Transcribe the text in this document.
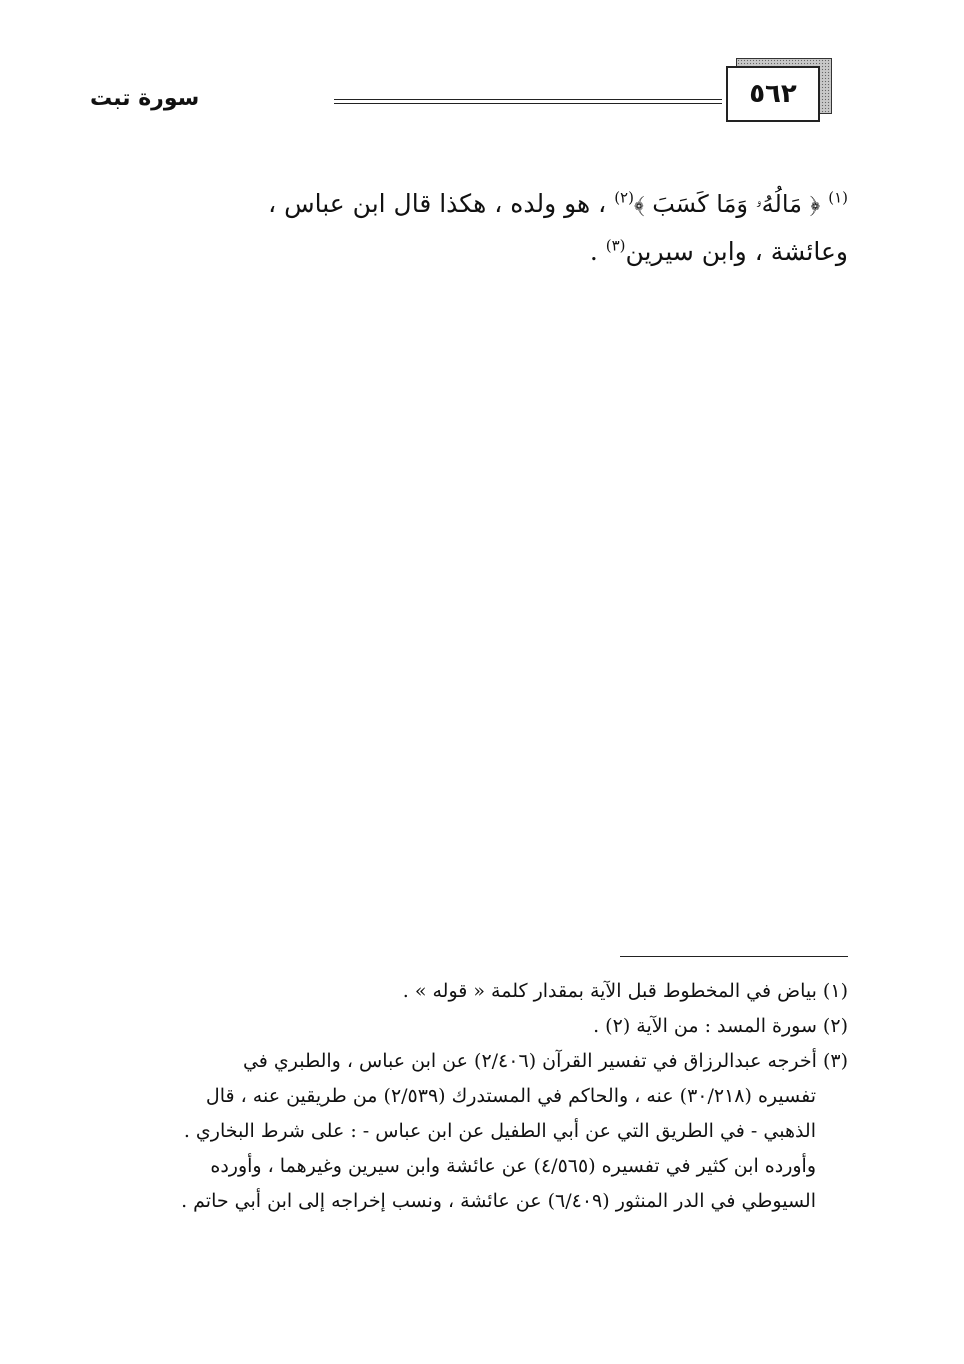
٥٦٢
سورة تبت
$^{(١)}$ ﴿ مَالُهُۥ وَمَا كَسَبَ ﴾$^{(٢)}$ ، هو ولده ، هكذا قال ابن عباس ،
وعائشة ، وابن سيرين$^{(٣)}$ .
(١) بياض في المخطوط قبل الآية بمقدار كلمة « قوله » .
(٢) سورة المسد : من الآية (٢) .
(٣) أخرجه عبدالرزاق في تفسير القرآن (٢/٤٠٦) عن ابن عباس ، والطبري في
تفسيره (٣٠/٢١٨) عنه ، والحاكم في المستدرك (٢/٥٣٩) من طريقين عنه ، قال
الذهبي - في الطريق التي عن أبي الطفيل عن ابن عباس - : على شرط البخاري .
وأورده ابن كثير في تفسيره (٤/٥٦٥) عن عائشة وابن سيرين وغيرهما ، وأورده
السيوطي في الدر المنثور (٦/٤٠٩) عن عائشة ، ونسب إخراجه إلى ابن أبي حاتم .
